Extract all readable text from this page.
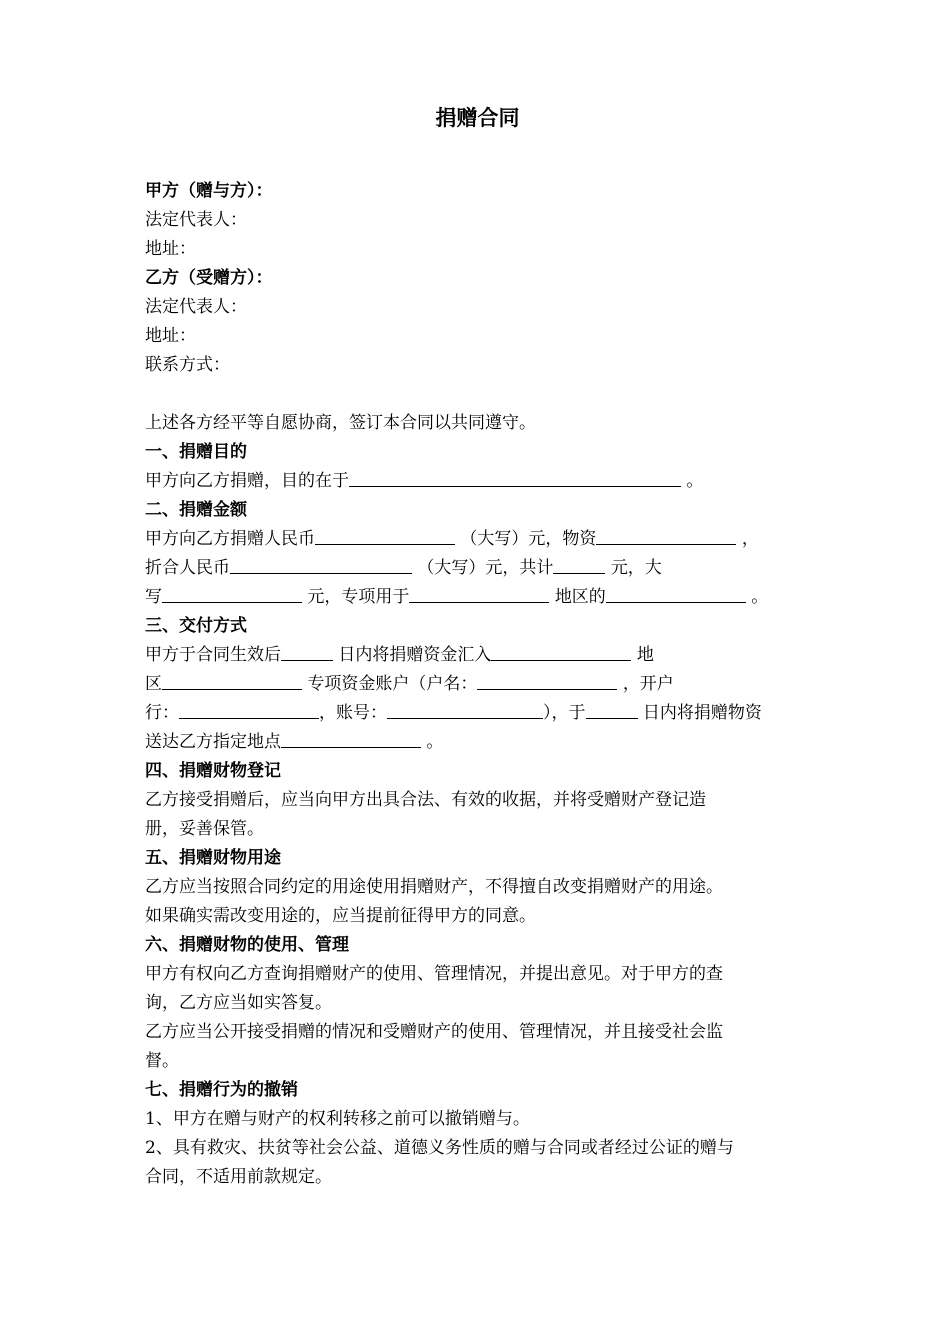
捐赠合同
甲方（赠与方）：
法定代表人：
地址：
乙方（受赠方）：
法定代表人：
地址：
联系方式：
上述各方经平等自愿协商，签订本合同以共同遵守。
一、捐赠目的
甲方向乙方捐赠，目的在于	。
二、捐赠金额
甲方向乙方捐赠人民币	（大写）元，物资	，
折合人民币	（大写）元，共计	元，大
写	元，专项用于	地区的	。
三、交付方式
甲方于合同生效后	日内将捐赠资金汇入	地
区	专项资金账户（户名：	，开户
行：	，账号：	），于	日内将捐赠物资
送达乙方指定地点	。
四、捐赠财物登记
乙方接受捐赠后，应当向甲方出具合法、有效的收据，并将受赠财产登记造
册，妥善保管。
五、捐赠财物用途
乙方应当按照合同约定的用途使用捐赠财产，不得擅自改变捐赠财产的用途。
如果确实需改变用途的，应当提前征得甲方的同意。
六、捐赠财物的使用、管理
甲方有权向乙方查询捐赠财产的使用、管理情况，并提出意见。对于甲方的查
询，乙方应当如实答复。
乙方应当公开接受捐赠的情况和受赠财产的使用、管理情况，并且接受社会监
督。
七、捐赠行为的撤销
1、甲方在赠与财产的权利转移之前可以撤销赠与。
2、具有救灾、扶贫等社会公益、道德义务性质的赠与合同或者经过公证的赠与
合同，不适用前款规定。
